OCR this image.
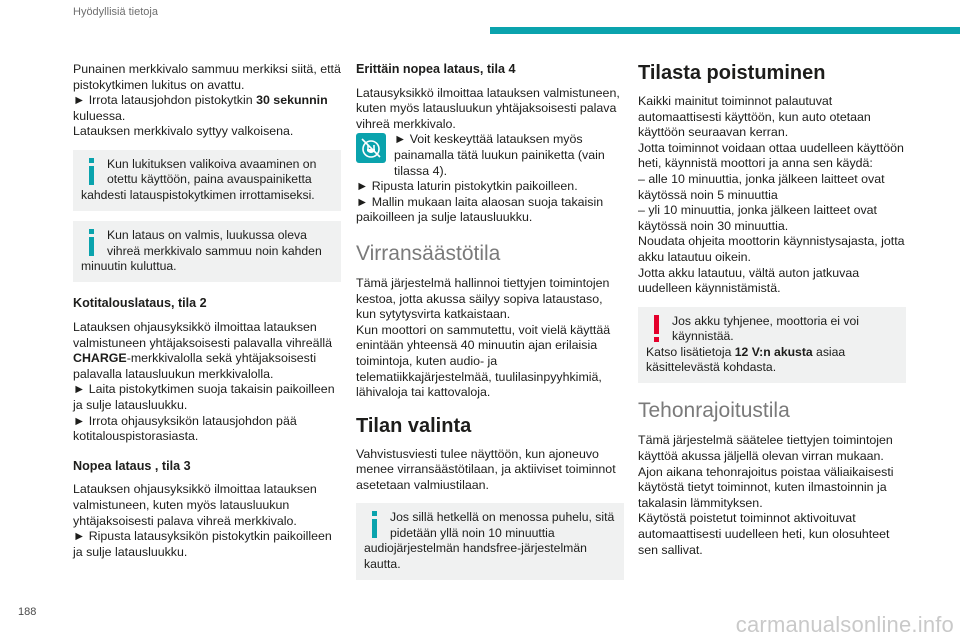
Hyödyllisiä tietoja

Punainen merkkivalo sammuu merkiksi siitä, että pistokytkimen lukitus on avattu.

► Irrota latausjohdon pistokytkin 30 sekunnin kuluessa.

Latauksen merkkivalo syttyy valkoisena.

Kun lukituksen valikoiva avaaminen on otettu käyttöön, paina avauspainiketta kahdesti latauspistokytkimen irrottamiseksi.
Kun lataus on valmis, luukussa oleva vihreä merkkivalo sammuu noin kahden minuutin kuluttua.
Kotitalouslataus, tila 2

Latauksen ohjausyksikkö ilmoittaa latauksen valmistuneen yhtäjaksoisesti palavalla vihreällä CHARGE-merkkivalolla sekä yhtäjaksoisesti palavalla latausluukun merkkivalolla.

► Laita pistokytkimen suoja takaisin paikoilleen ja sulje latausluukku.

► Irrota ohjausyksikön latausjohdon pää kotitalouspistorasiasta.

Nopea lataus , tila 3

Latauksen ohjausyksikkö ilmoittaa latauksen valmistuneen, kuten myös latausluukun yhtäjaksoisesti palava vihreä merkkivalo.

► Ripusta latausyksikön pistokytkin paikoilleen ja sulje latausluukku.

Erittäin nopea lataus, tila 4

Latausyksikkö ilmoittaa latauksen valmistuneen, kuten myös latausluukun yhtäjaksoisesti palava vihreä merkkivalo.

► Voit keskeyttää latauksen myös painamalla tätä luukun painiketta (vain tilassa 4).

► Ripusta laturin pistokytkin paikoilleen.

► Mallin mukaan laita alaosan suoja takaisin paikoilleen ja sulje latausluukku.

Virransäästötila

Tämä järjestelmä hallinnoi tiettyjen toimintojen kestoa, jotta akussa säilyy sopiva lataustaso, kun sytytysvirta katkaistaan.

Kun moottori on sammutettu, voit vielä käyttää enintään yhteensä 40 minuutin ajan erilaisia toimintoja, kuten audio- ja telematiikkajärjestelmää, tuulilasinpyyhkimiä, lähivaloja tai kattovaloja.

Tilan valinta

Vahvistusviesti tulee näyttöön, kun ajoneuvo menee virransäästötilaan, ja aktiiviset toiminnot asetetaan valmiustilaan.

Jos sillä hetkellä on menossa puhelu, sitä pidetään yllä noin 10 minuuttia audiojärjestelmän handsfree-järjestelmän kautta.
Tilasta poistuminen

Kaikki mainitut toiminnot palautuvat automaattisesti käyttöön, kun auto otetaan käyttöön seuraavan kerran.

Jotta toiminnot voidaan ottaa uudelleen käyttöön heti, käynnistä moottori ja anna sen käydä:

– alle 10 minuuttia, jonka jälkeen laitteet ovat käytössä noin 5 minuuttia

– yli 10 minuuttia, jonka jälkeen laitteet ovat käytössä noin 30 minuuttia.

Noudata ohjeita moottorin käynnistysajasta, jotta akku latautuu oikein.

Jotta akku latautuu, vältä auton jatkuvaa uudelleen käynnistämistä.

Jos akku tyhjenee, moottoria ei voi käynnistää.
Katso lisätietoja 12 V:n akusta asiaa käsittelevästä kohdasta.
Tehonrajoitustila

Tämä järjestelmä säätelee tiettyjen toimintojen käyttöä akussa jäljellä olevan virran mukaan.

Ajon aikana tehonrajoitus poistaa väliaikaisesti käytöstä tietyt toiminnot, kuten ilmastoinnin ja takalasin lämmityksen.

Käytöstä poistetut toiminnot aktivoituvat automaattisesti uudelleen heti, kun olosuhteet sen sallivat.

188	carmanualsonline.info
